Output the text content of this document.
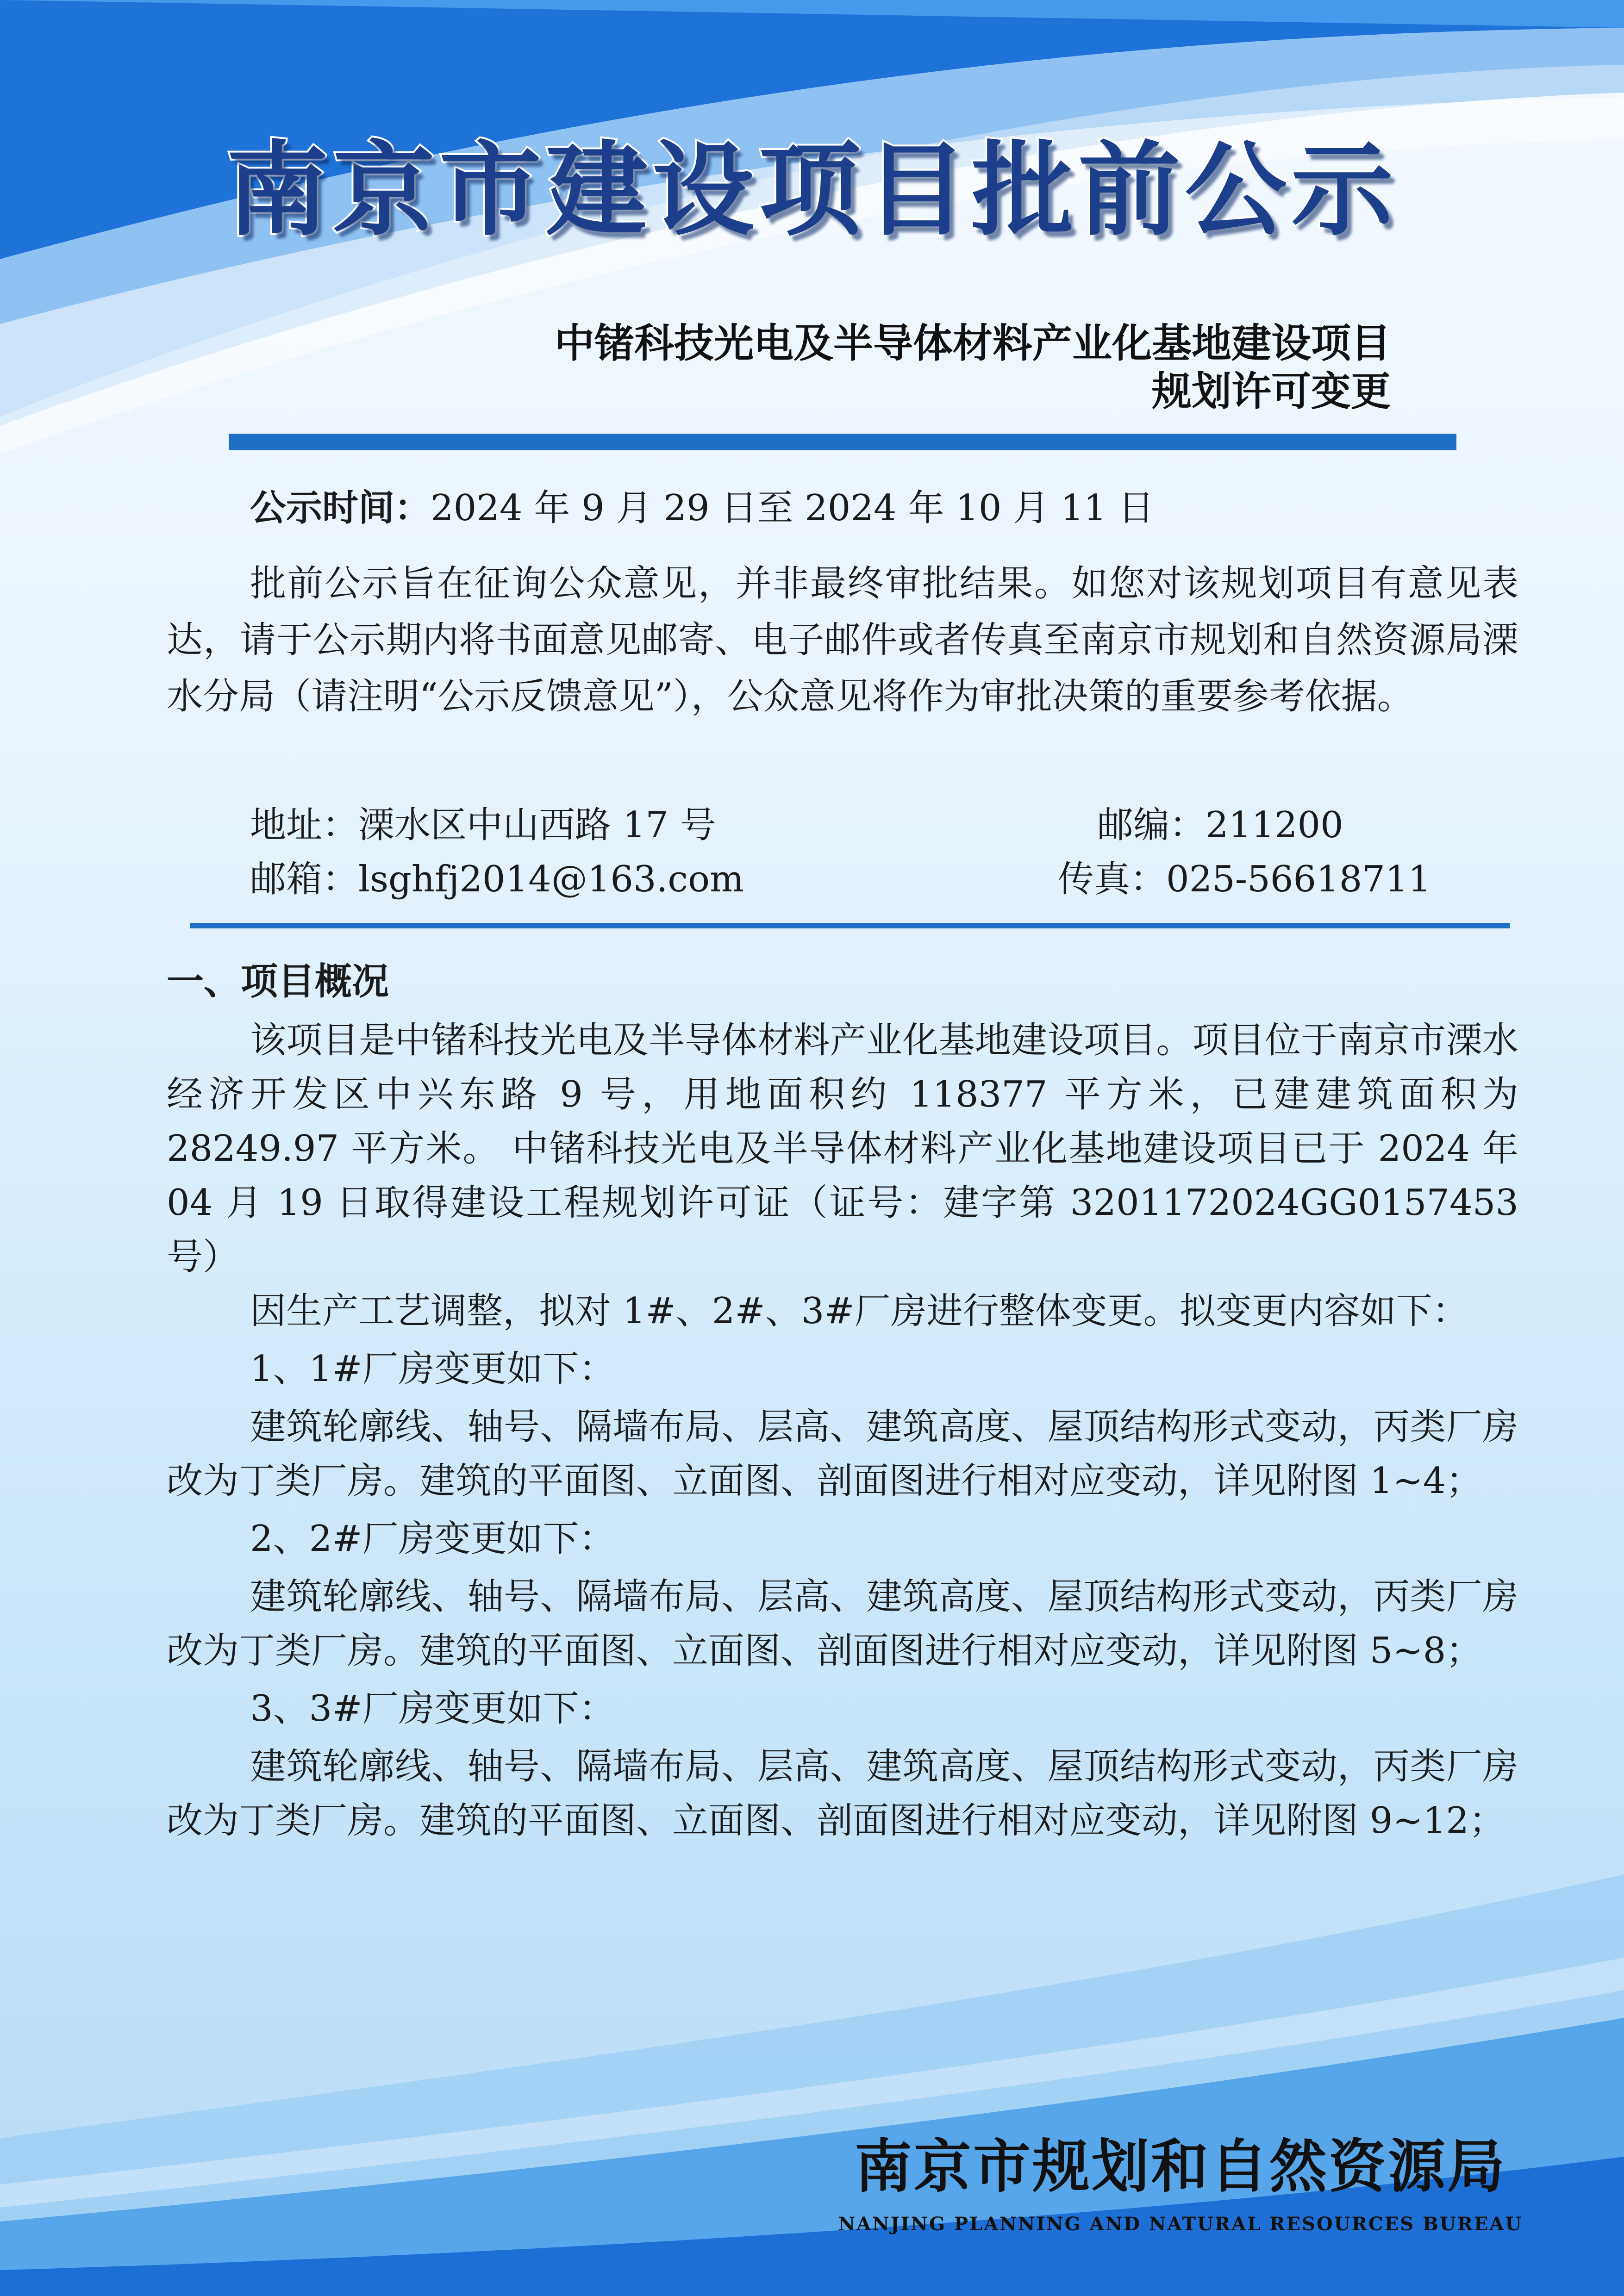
南京市建设项目批前公示
中锗科技光电及半导体材料产业化基地建设项目
规划许可变更
公示时间：2024 年 9 月 29 日至 2024 年 10 月 11 日
批前公示旨在征询公众意见，并非最终审批结果。如您对该规划项目有意见表达，请于公示期内将书面意见邮寄、电子邮件或者传真至南京市规划和自然资源局溧水分局（请注明“公示反馈意见”），公众意见将作为审批决策的重要参考依据。
地址：溧水区中山西路 17 号	邮编：211200
邮箱：lsghfj2014@163.com	传真：025-56618711
一、项目概况

该项目是中锗科技光电及半导体材料产业化基地建设项目。项目位于南京市溧水经济开发区中兴东路 9 号，用地面积约 118377 平方米，已建建筑面积为 28249.97 平方米。 中锗科技光电及半导体材料产业化基地建设项目已于 2024 年 04 月 19 日取得建设工程规划许可证（证号：建字第 3201172024GG0157453 号）

因生产工艺调整，拟对 1#、2#、3#厂房进行整体变更。拟变更内容如下：

1、1#厂房变更如下：

建筑轮廓线、轴号、隔墙布局、层高、建筑高度、屋顶结构形式变动，丙类厂房改为丁类厂房。建筑的平面图、立面图、剖面图进行相对应变动，详见附图 1~4；

2、2#厂房变更如下：

建筑轮廓线、轴号、隔墙布局、层高、建筑高度、屋顶结构形式变动，丙类厂房改为丁类厂房。建筑的平面图、立面图、剖面图进行相对应变动，详见附图 5~8；

3、3#厂房变更如下：

建筑轮廓线、轴号、隔墙布局、层高、建筑高度、屋顶结构形式变动，丙类厂房改为丁类厂房。建筑的平面图、立面图、剖面图进行相对应变动，详见附图 9~12；

南京市规划和自然资源局
NANJING PLANNING AND NATURAL RESOURCES BUREAU
